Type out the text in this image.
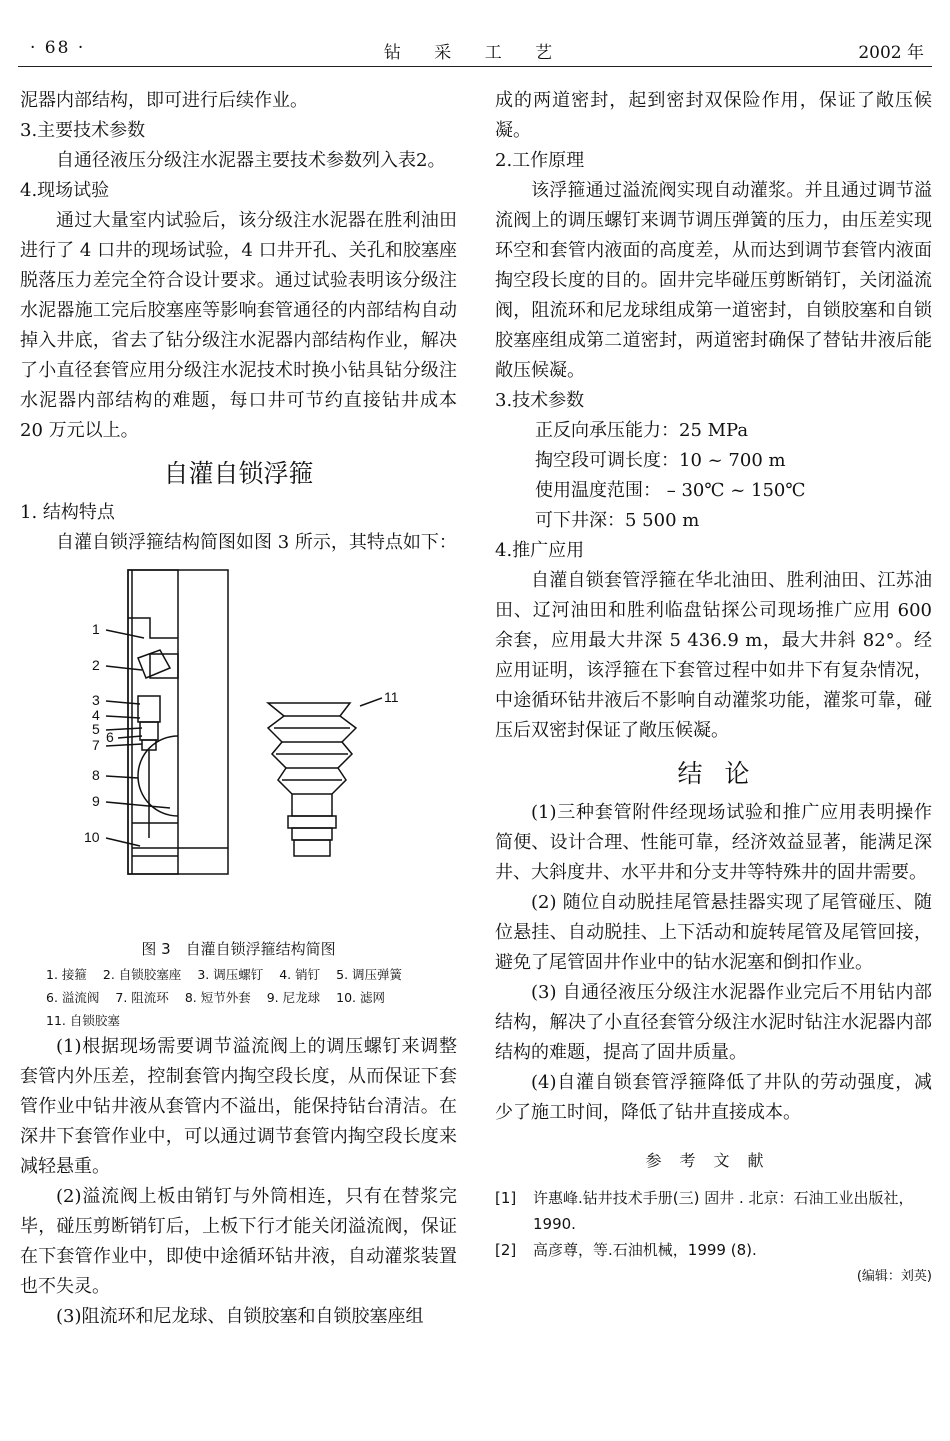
· 68 ·	钻 采 工 艺	2002 年

泥器内部结构，即可进行后续作业。

3.主要技术参数

自通径液压分级注水泥器主要技术参数列入表2。

4.现场试验

通过大量室内试验后，该分级注水泥器在胜利油田进行了 4 口井的现场试验，4 口井开孔、关孔和胶塞座脱落压力差完全符合设计要求。通过试验表明该分级注水泥器施工完后胶塞座等影响套管通径的内部结构自动掉入井底，省去了钻分级注水泥器内部结构作业，解决了小直径套管应用分级注水泥技术时换小钻具钻分级注水泥器内部结构的难题，每口井可节约直接钻井成本 20 万元以上。

自灌自锁浮箍

1. 结构特点

自灌自锁浮箍结构简图如图 3 所示，其特点如下：

1
2
3
4
5 6
7
8
9
10
11
图 3　自灌自锁浮箍结构简图
1. 接箍 2. 自锁胶塞座 3. 调压螺钉 4. 销钉 5. 调压弹簧
6. 溢流阀 7. 阻流环 8. 短节外套 9. 尼龙球 10. 滤网
11. 自锁胶塞

(1)根据现场需要调节溢流阀上的调压螺钉来调整套管内外压差，控制套管内掏空段长度，从而保证下套管作业中钻井液从套管内不溢出，能保持钻台清洁。在深井下套管作业中，可以通过调节套管内掏空段长度来减轻悬重。

(2)溢流阀上板由销钉与外筒相连，只有在替浆完毕，碰压剪断销钉后，上板下行才能关闭溢流阀，保证在下套管作业中，即使中途循环钻井液，自动灌浆装置也不失灵。

(3)阻流环和尼龙球、自锁胶塞和自锁胶塞座组

成的两道密封，起到密封双保险作用，保证了敞压候凝。

2.工作原理

该浮箍通过溢流阀实现自动灌浆。并且通过调节溢流阀上的调压螺钉来调节调压弹簧的压力，由压差实现环空和套管内液面的高度差，从而达到调节套管内液面掏空段长度的目的。固井完毕碰压剪断销钉，关闭溢流阀，阻流环和尼龙球组成第一道密封，自锁胶塞和自锁胶塞座组成第二道密封，两道密封确保了替钻井液后能敞压候凝。

3.技术参数

正反向承压能力：25 MPa

掏空段可调长度：10 ~ 700 m

使用温度范围： – 30℃ ~ 150℃

可下井深：5 500 m

4.推广应用

自灌自锁套管浮箍在华北油田、胜利油田、江苏油田、辽河油田和胜利临盘钻探公司现场推广应用 600 余套，应用最大井深 5 436.9 m，最大井斜 82°。经应用证明，该浮箍在下套管过程中如井下有复杂情况，中途循环钻井液后不影响自动灌浆功能，灌浆可靠，碰压后双密封保证了敞压候凝。

结论

(1)三种套管附件经现场试验和推广应用表明操作简便、设计合理、性能可靠，经济效益显著，能满足深井、大斜度井、水平井和分支井等特殊井的固井需要。

(2) 随位自动脱挂尾管悬挂器实现了尾管碰压、随位悬挂、自动脱挂、上下活动和旋转尾管及尾管回接，避免了尾管固井作业中的钻水泥塞和倒扣作业。

(3) 自通径液压分级注水泥器作业完后不用钻内部结构，解决了小直径套管分级注水泥时钻注水泥器内部结构的难题，提高了固井质量。

(4)自灌自锁套管浮箍降低了井队的劳动强度，减少了施工时间，降低了钻井直接成本。

参考文献
[1]	许惠峰.钻井技术手册(三) 固井 . 北京：石油工业出版社，1990.
[2]	高彦尊，等.石油机械，1999 (8).
(编辑：刘英)
